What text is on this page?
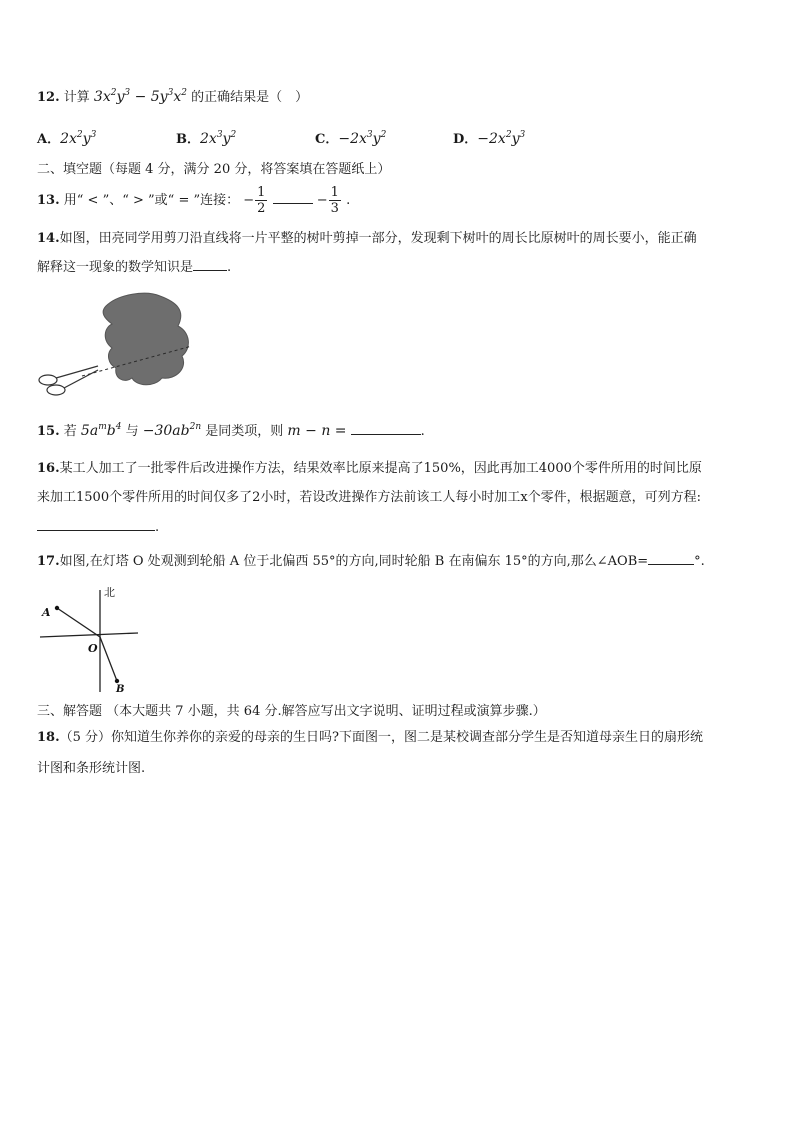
12. 计算 $3x^2y^3 - 5y^3x^2$ 的正确结果是（　）
A．$2x^2y^3$	B．$2x^3y^2$	C．$-2x^3y^2$	D．$-2x^2y^3$
二、填空题（每题 4 分，满分 20 分，将答案填在答题纸上）
13. 用“ < ”、“ > ”或“ = ”连接： − $\frac{1}{2}$	− $\frac{1}{3}$ .
14.如图，田亮同学用剪刀沿直线将一片平整的树叶剪掉一部分，发现剩下树叶的周长比原树叶的周长要小，能正确
解释这一现象的数学知识是	.
15. 若 $5a^mb^4$ 与 $-30ab^{2n}$ 是同类项，则 m − n =	.
16.某工人加工了一批零件后改进操作方法，结果效率比原来提高了150%，因此再加工4000个零件所用的时间比原
来加工1500个零件所用的时间仅多了2小时，若设改进操作方法前该工人每小时加工x个零件，根据题意，可列方程:
.
17.如图,在灯塔 O 处观测到轮船 A 位于北偏西 55°的方向,同时轮船 B 在南偏东 15°的方向,那么∠AOB=	°.
北
A
O
B
三、解答题 （本大题共 7 小题，共 64 分.解答应写出文字说明、证明过程或演算步骤.）
18.（5 分）你知道生你养你的亲爱的母亲的生日吗?下面图一，图二是某校调查部分学生是否知道母亲生日的扇形统
计图和条形统计图.
